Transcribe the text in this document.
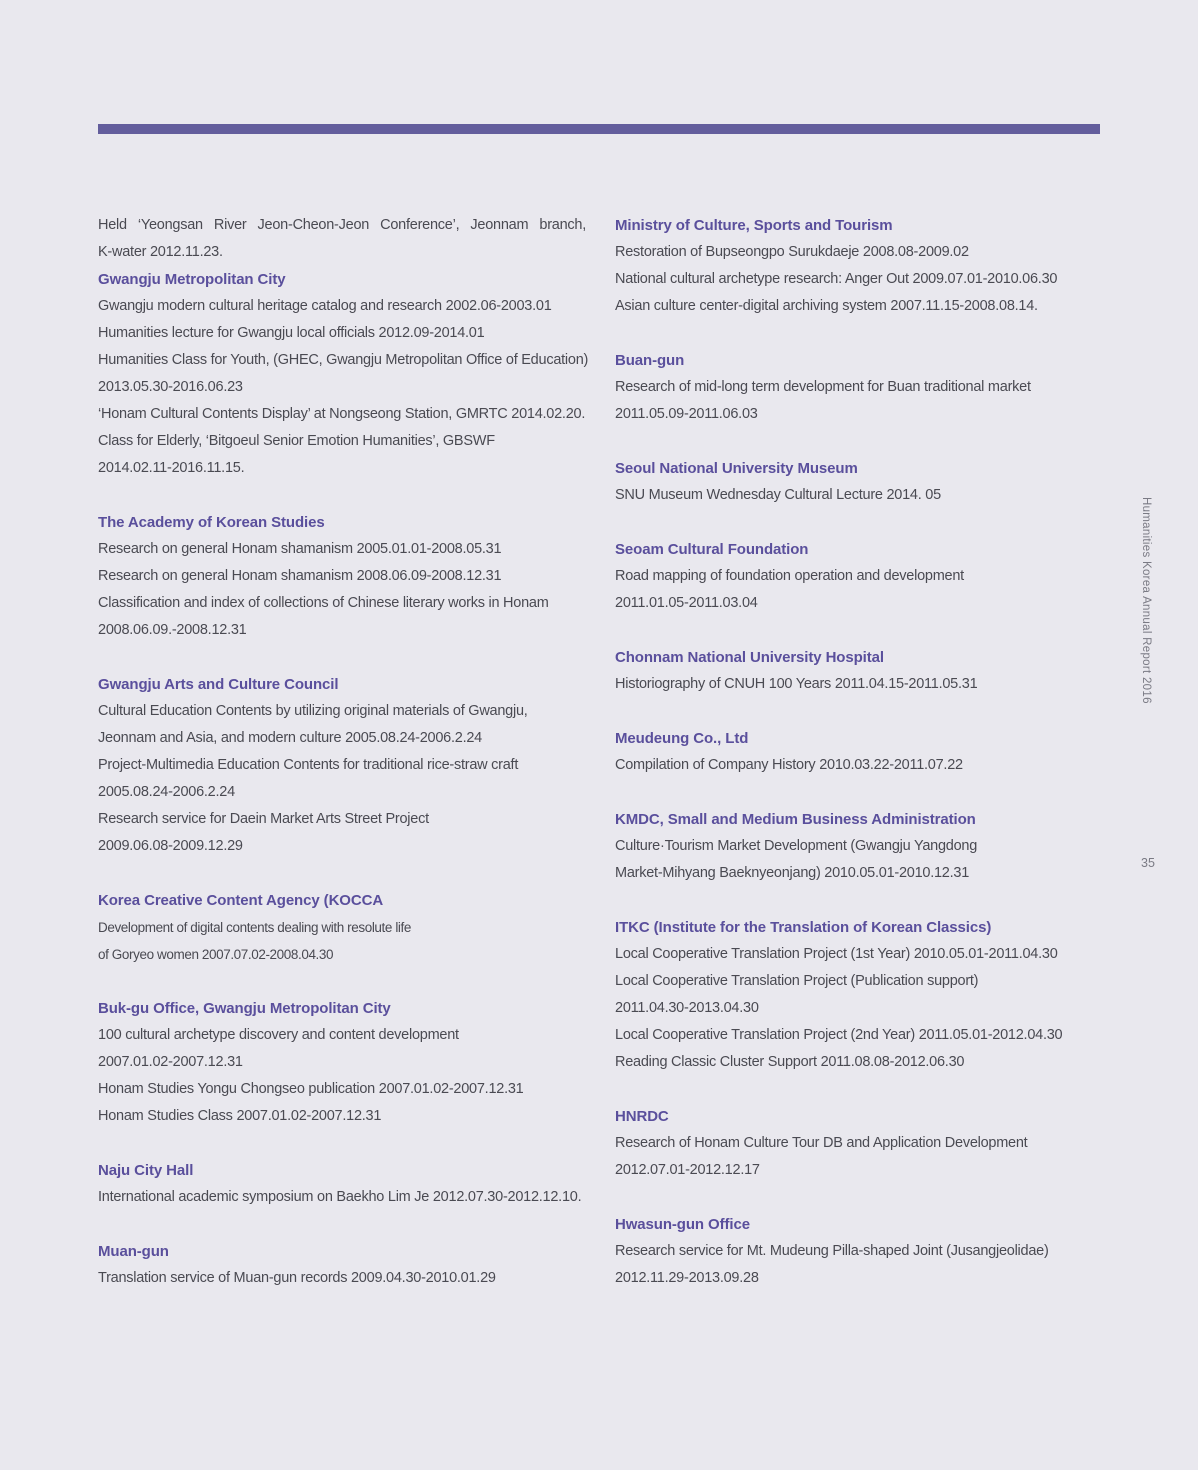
Held ‘Yeongsan River Jeon-Cheon-Jeon Conference’, Jeonnam branch,

K-water 2012.11.23.

Gwangju Metropolitan City

Gwangju modern cultural heritage catalog and research 2002.06-2003.01

Humanities lecture for Gwangju local officials 2012.09-2014.01

Humanities Class for Youth, (GHEC, Gwangju Metropolitan Office of Education)

2013.05.30-2016.06.23

‘Honam Cultural Contents Display’ at Nongseong Station, GMRTC 2014.02.20.

Class for Elderly, ‘Bitgoeul Senior Emotion Humanities’, GBSWF

2014.02.11-2016.11.15.

The Academy of Korean Studies

Research on general Honam shamanism 2005.01.01-2008.05.31

Research on general Honam shamanism 2008.06.09-2008.12.31

Classification and index of collections of Chinese literary works in Honam

2008.06.09.-2008.12.31

Gwangju Arts and Culture Council

Cultural Education Contents by utilizing original materials of Gwangju,

Jeonnam and Asia, and modern culture 2005.08.24-2006.2.24

Project-Multimedia Education Contents for traditional rice-straw craft

2005.08.24-2006.2.24

Research service for Daein Market Arts Street Project

2009.06.08-2009.12.29

Korea Creative Content Agency (KOCCA

Development of digital contents dealing with resolute life

of Goryeo women 2007.07.02-2008.04.30

Buk-gu Office, Gwangju Metropolitan City

100 cultural archetype discovery and content development

2007.01.02-2007.12.31

Honam Studies Yongu Chongseo publication 2007.01.02-2007.12.31

Honam Studies Class 2007.01.02-2007.12.31

Naju City Hall

International academic symposium on Baekho Lim Je 2012.07.30-2012.12.10.

Muan-gun

Translation service of Muan-gun records 2009.04.30-2010.01.29

Ministry of Culture, Sports and Tourism

Restoration of Bupseongpo Surukdaeje 2008.08-2009.02

National cultural archetype research: Anger Out 2009.07.01-2010.06.30

Asian culture center-digital archiving system 2007.11.15-2008.08.14.

Buan-gun

Research of mid-long term development for Buan traditional market

2011.05.09-2011.06.03

Seoul National University Museum

SNU Museum Wednesday Cultural Lecture 2014. 05

Seoam Cultural Foundation

Road mapping of foundation operation and development

2011.01.05-2011.03.04

Chonnam National University Hospital

Historiography of CNUH 100 Years 2011.04.15-2011.05.31

Meudeung Co., Ltd

Compilation of Company History 2010.03.22-2011.07.22

KMDC, Small and Medium Business Administration

Culture·Tourism Market Development (Gwangju Yangdong

Market-Mihyang Baeknyeonjang) 2010.05.01-2010.12.31

ITKC (Institute for the Translation of Korean Classics)

Local Cooperative Translation Project (1st Year) 2010.05.01-2011.04.30

Local Cooperative Translation Project (Publication support)

2011.04.30-2013.04.30

Local Cooperative Translation Project (2nd Year) 2011.05.01-2012.04.30

Reading Classic Cluster Support 2011.08.08-2012.06.30

HNRDC

Research of Honam Culture Tour DB and Application Development

2012.07.01-2012.12.17

Hwasun-gun Office

Research service for Mt. Mudeung Pilla-shaped Joint (Jusangjeolidae)

2012.11.29-2013.09.28

Humanities Korea Annual Report 2016
35
